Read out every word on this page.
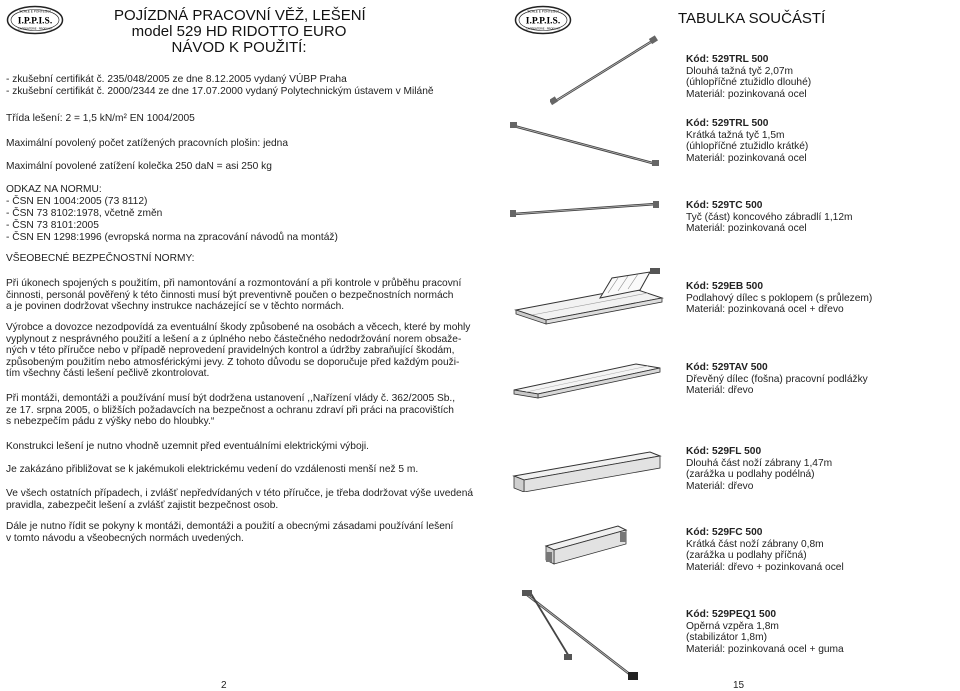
SCALE E PONTEGGI
I.P.P.I.S.
CARPENTERIE · PROFILATI
POJÍZDNÁ PRACOVNÍ VĚŽ, LEŠENÍ
model 529 HD RIDOTTO EURO
NÁVOD K POUŽITÍ:
- zkušební certifikát č. 235/048/2005 ze dne 8.12.2005 vydaný VÚBP Praha
- zkušební certifikát č. 2000/2344 ze dne 17.07.2000 vydaný Polytechnickým ústavem v Miláně
Třída lešení: 2 = 1,5 kN/m² EN 1004/2005
Maximální povolený počet zatížených pracovních plošin: jedna
Maximální povolené zatížení kolečka 250 daN = asi 250 kg
ODKAZ NA NORMU:
- ČSN EN 1004:2005 (73 8112)
- ČSN 73 8102:1978, včetně změn
- ČSN 73 8101:2005
- ČSN EN 1298:1996 (evropská norma na zpracování návodů na montáž)
VŠEOBECNÉ BEZPEČNOSTNÍ NORMY:
Při úkonech spojených s použitím, při namontování a rozmontování a při kontrole v průběhu pracovní
činnosti, personál pověřený k této činnosti musí být preventivně poučen o bezpečnostních normách
a je povinen dodržovat všechny instrukce nacházející se v těchto normách.
Výrobce a dovozce nezodpovídá za eventuální škody způsobené na osobách a věcech, které by mohly
vyplynout z nesprávného použití a lešení a z úplného nebo částečného nedodržování norem obsaže-
ných v této příručce nebo v případě neprovedení pravidelných kontrol a údržby zabraňující škodám,
způsobeným použitím nebo atmosférickými jevy. Z tohoto důvodu se doporučuje před každým použi-
tím všechny části lešení pečlivě zkontrolovat.
Při montáži, demontáži a používání musí být dodržena ustanovení ,,Nařízení vlády č. 362/2005 Sb.,
ze 17. srpna 2005, o bližších požadavcích na bezpečnost a ochranu zdraví při práci na pracovištích
s nebezpečím pádu z výšky nebo do hloubky.“
Konstrukci lešení je nutno vhodně uzemnit před eventuálními elektrickými výboji.
Je zakázáno přibližovat se k jakémukoli elektrickému vedení do vzdálenosti menší než 5 m.
Ve všech ostatních případech, i zvlášť nepředvídaných v této příručce, je třeba dodržovat výše uvedená
pravidla, zabezpečit lešení a zvlášť zajistit bezpečnost osob.
Dále je nutno řídit se pokyny k montáži, demontáži a použití a obecnými zásadami používání lešení
v tomto návodu a všeobecných normách uvedených.
2
SCALE E PONTEGGI
I.P.P.I.S.
CARPENTERIE · PROFILATI
TABULKA SOUČÁSTÍ
Kód: 529TRL 500
Dlouhá tažná tyč 2,07m
(úhlopříčné ztužidlo dlouhé)
Materiál: pozinkovaná ocel
Kód: 529TRL 500
Krátká tažná tyč 1,5m
(úhlopříčné ztužidlo krátké)
Materiál: pozinkovaná ocel
Kód: 529TC 500
Tyč (část) koncového zábradlí 1,12m
Materiál: pozinkovaná ocel
Kód: 529EB 500
Podlahový dílec s poklopem (s průlezem)
Materiál: pozinkovaná ocel + dřevo
Kód: 529TAV 500
Dřevěný dílec (fošna) pracovní podlážky
Materiál: dřevo
Kód: 529FL 500
Dlouhá část noží zábrany 1,47m
(zarážka u podlahy podélná)
Materiál: dřevo
Kód: 529FC 500
Krátká část noží zábrany 0,8m
(zarážka u podlahy příčná)
Materiál: dřevo + pozinkovaná ocel
Kód: 529PEQ1 500
Opěrná vzpěra 1,8m
(stabilizátor 1,8m)
Materiál: pozinkovaná ocel + guma
15
